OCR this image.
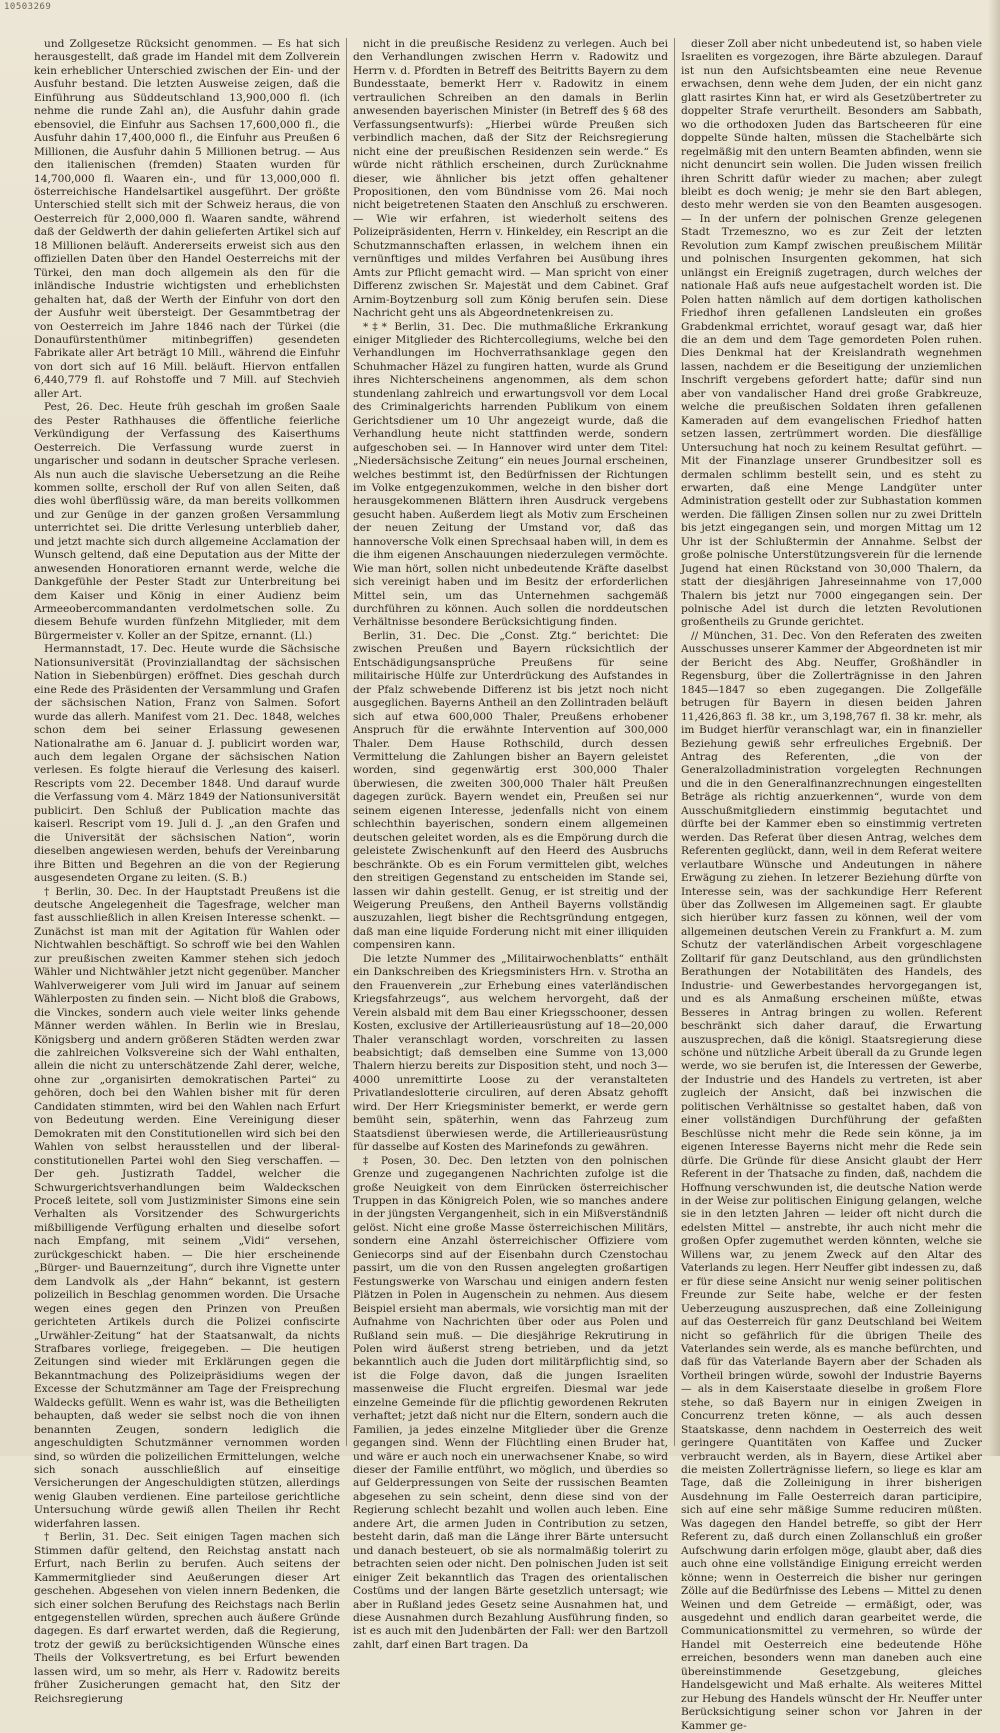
10503269

und Zollgesetze Rücksicht genommen. — Es hat sich herausgestellt, daß grade im Handel mit dem Zollverein kein erheblicher Unterschied zwischen der Ein- und der Ausfuhr bestand. Die letzten Ausweise zeigen, daß die Einführung aus Süddeutschland 13,900,000 fl. (ich nehme die runde Zahl an), die Ausfuhr dahin grade ebensoviel, die Einfuhr aus Sachsen 17,600,000 fl., die Ausfuhr dahin 17,400,000 fl., die Einfuhr aus Preußen 6 Millionen, die Ausfuhr dahin 5 Millionen betrug. — Aus den italienischen (fremden) Staaten wurden für 14,700,000 fl. Waaren ein-, und für 13,000,000 fl. österreichische Handelsartikel ausgeführt. Der größte Unterschied stellt sich mit der Schweiz heraus, die von Oesterreich für 2,000,000 fl. Waaren sandte, während daß der Geldwerth der dahin gelieferten Artikel sich auf 18 Millionen beläuft. Andererseits erweist sich aus den offiziellen Daten über den Handel Oesterreichs mit der Türkei, den man doch allgemein als den für die inländische Industrie wichtigsten und erheblichsten gehalten hat, daß der Werth der Einfuhr von dort den der Ausfuhr weit übersteigt. Der Gesammtbetrag der von Oesterreich im Jahre 1846 nach der Türkei (die Donaufürstenthümer mitinbegriffen) gesendeten Fabrikate aller Art beträgt 10 Mill., während die Einfuhr von dort sich auf 16 Mill. beläuft. Hiervon entfallen 6,440,779 fl. auf Rohstoffe und 7 Mill. auf Stechvieh aller Art.

Pest, 26. Dec. Heute früh geschah im großen Saale des Pester Rathhauses die öffentliche feierliche Verkündigung der Verfassung des Kaiserthums Oesterreich. Die Verfassung wurde zuerst in ungarischer und sodann in deutscher Sprache verlesen. Als nun auch die slavische Uebersetzung an die Reihe kommen sollte, erscholl der Ruf von allen Seiten, daß dies wohl überflüssig wäre, da man bereits vollkommen und zur Genüge in der ganzen großen Versammlung unterrichtet sei. Die dritte Verlesung unterblieb daher, und jetzt machte sich durch allgemeine Acclamation der Wunsch geltend, daß eine Deputation aus der Mitte der anwesenden Honoratioren ernannt werde, welche die Dankgefühle der Pester Stadt zur Unterbreitung bei dem Kaiser und König in einer Audienz beim Armeeobercommandanten verdolmetschen solle. Zu diesem Behufe wurden fünfzehn Mitglieder, mit dem Bürgermeister v. Koller an der Spitze, ernannt. (Ll.)

Hermannstadt, 17. Dec. Heute wurde die Sächsische Nationsuniversität (Provinziallandtag der sächsischen Nation in Siebenbürgen) eröffnet. Dies geschah durch eine Rede des Präsidenten der Versammlung und Grafen der sächsischen Nation, Franz von Salmen. Sofort wurde das allerh. Manifest vom 21. Dec. 1848, welches schon dem bei seiner Erlassung gewesenen Nationalrathe am 6. Januar d. J. publicirt worden war, auch dem legalen Organe der sächsischen Nation verlesen. Es folgte hierauf die Verlesung des kaiserl. Rescripts vom 22. December 1848. Und darauf wurde die Verfassung vom 4. März 1849 der Nationsuniversität publicirt. Den Schluß der Publication machte das kaiserl. Rescript vom 19. Juli d. J. „an den Grafen und die Universität der sächsischen Nation“, worin dieselben angewiesen werden, behufs der Vereinbarung ihre Bitten und Begehren an die von der Regierung ausgesendeten Organe zu leiten. (S. B.)

† Berlin, 30. Dec. In der Hauptstadt Preußens ist die deutsche Angelegenheit die Tagesfrage, welcher man fast ausschließlich in allen Kreisen Interesse schenkt. — Zunächst ist man mit der Agitation für Wahlen oder Nichtwahlen beschäftigt. So schroff wie bei den Wahlen zur preußischen zweiten Kammer stehen sich jedoch Wähler und Nichtwähler jetzt nicht gegenüber. Mancher Wahlverweigerer vom Juli wird im Januar auf seinem Wählerposten zu finden sein. — Nicht bloß die Grabows, die Vinckes, sondern auch viele weiter links gehende Männer werden wählen. In Berlin wie in Breslau, Königsberg und andern größeren Städten werden zwar die zahlreichen Volksvereine sich der Wahl enthalten, allein die nicht zu unterschätzende Zahl derer, welche, ohne zur „organisirten demokratischen Partei“ zu gehören, doch bei den Wahlen bisher mit für deren Candidaten stimmten, wird bei den Wahlen nach Erfurt von Bedeutung werden. Eine Vereinigung dieser Demokraten mit den Constitutionellen wird sich bei den Wahlen von selbst herausstellen und der liberal-constitutionellen Partei wohl den Sieg verschaffen. — Der geh. Justizrath Taddel, welcher die Schwurgerichtsverhandlungen beim Waldeckschen Proceß leitete, soll vom Justizminister Simons eine sein Verhalten als Vorsitzender des Schwurgerichts mißbilligende Verfügung erhalten und dieselbe sofort nach Empfang, mit seinem „Vidi“ versehen, zurückgeschickt haben. — Die hier erscheinende „Bürger- und Bauernzeitung“, durch ihre Vignette unter dem Landvolk als „der Hahn“ bekannt, ist gestern polizeilich in Beschlag genommen worden. Die Ursache wegen eines gegen den Prinzen von Preußen gerichteten Artikels durch die Polizei confiscirte „Urwähler-Zeitung“ hat der Staatsanwalt, da nichts Strafbares vorliege, freigegeben. — Die heutigen Zeitungen sind wieder mit Erklärungen gegen die Bekanntmachung des Polizeipräsidiums wegen der Excesse der Schutzmänner am Tage der Freisprechung Waldecks gefüllt. Wenn es wahr ist, was die Betheiligten behaupten, daß weder sie selbst noch die von ihnen benannten Zeugen, sondern lediglich die angeschuldigten Schutzmänner vernommen worden sind, so würden die polizeilichen Ermittelungen, welche sich sonach ausschließlich auf einseitige Versicherungen der Angeschuldigten stützen, allerdings wenig Glauben verdienen. Eine parteilose gerichtliche Untersuchung würde gewiß allen Theilen ihr Recht widerfahren lassen.

† Berlin, 31. Dec. Seit einigen Tagen machen sich Stimmen dafür geltend, den Reichstag anstatt nach Erfurt, nach Berlin zu berufen. Auch seitens der Kammermitglieder sind Aeußerungen dieser Art geschehen. Abgesehen von vielen innern Bedenken, die sich einer solchen Berufung des Reichstags nach Berlin entgegenstellen würden, sprechen auch äußere Gründe dagegen. Es darf erwartet werden, daß die Regierung, trotz der gewiß zu berücksichtigenden Wünsche eines Theils der Volksvertretung, es bei Erfurt bewenden lassen wird, um so mehr, als Herr v. Radowitz bereits früher Zusicherungen gemacht hat, den Sitz der Reichsregierung

nicht in die preußische Residenz zu verlegen. Auch bei den Verhandlungen zwischen Herrn v. Radowitz und Herrn v. d. Pfordten in Betreff des Beitritts Bayern zu dem Bundesstaate, bemerkt Herr v. Radowitz in einem vertraulichen Schreiben an den damals in Berlin anwesenden bayerischen Minister (in Betreff des § 68 des Verfassungsentwurfs): „Hierbei würde Preußen sich verbindlich machen, daß der Sitz der Reichsregierung nicht eine der preußischen Residenzen sein werde.“ Es würde nicht räthlich erscheinen, durch Zurücknahme dieser, wie ähnlicher bis jetzt offen gehaltener Propositionen, den vom Bündnisse vom 26. Mai noch nicht beigetretenen Staaten den Anschluß zu erschweren. — Wie wir erfahren, ist wiederholt seitens des Polizeipräsidenten, Herrn v. Hinkeldey, ein Rescript an die Schutzmannschaften erlassen, in welchem ihnen ein vernünftiges und mildes Verfahren bei Ausübung ihres Amts zur Pflicht gemacht wird. — Man spricht von einer Differenz zwischen Sr. Majestät und dem Cabinet. Graf Arnim-Boytzenburg soll zum König berufen sein. Diese Nachricht geht uns als Abgeordnetenkreisen zu.

*‡* Berlin, 31. Dec. Die muthmaßliche Erkrankung einiger Mitglieder des Richtercollegiums, welche bei den Verhandlungen im Hochverrathsanklage gegen den Schuhmacher Häzel zu fungiren hatten, wurde als Grund ihres Nichterscheinens angenommen, als dem schon stundenlang zahlreich und erwartungsvoll vor dem Local des Criminalgerichts harrenden Publikum von einem Gerichtsdiener um 10 Uhr angezeigt wurde, daß die Verhandlung heute nicht stattfinden werde, sondern aufgeschoben sei. — In Hannover wird unter dem Titel: „Niedersächsische Zeitung“ ein neues Journal erscheinen, welches bestimmt ist, den Bedürfnissen der Richtungen im Volke entgegenzukommen, welche in den bisher dort herausgekommenen Blättern ihren Ausdruck vergebens gesucht haben. Außerdem liegt als Motiv zum Erscheinen der neuen Zeitung der Umstand vor, daß das hannoversche Volk einen Sprechsaal haben will, in dem es die ihm eigenen Anschauungen niederzulegen vermöchte. Wie man hört, sollen nicht unbedeutende Kräfte daselbst sich vereinigt haben und im Besitz der erforderlichen Mittel sein, um das Unternehmen sachgemäß durchführen zu können. Auch sollen die norddeutschen Verhältnisse besondere Berücksichtigung finden.

Berlin, 31. Dec. Die „Const. Ztg.“ berichtet: Die zwischen Preußen und Bayern rücksichtlich der Entschädigungsansprüche Preußens für seine militairische Hülfe zur Unterdrückung des Aufstandes in der Pfalz schwebende Differenz ist bis jetzt noch nicht ausgeglichen. Bayerns Antheil an den Zollintraden beläuft sich auf etwa 600,000 Thaler, Preußens erhobener Anspruch für die erwähnte Intervention auf 300,000 Thaler. Dem Hause Rothschild, durch dessen Vermittelung die Zahlungen bisher an Bayern geleistet worden, sind gegenwärtig erst 300,000 Thaler überwiesen, die zweiten 300,000 Thaler hält Preußen dagegen zurück. Bayern wendet ein, Preußen sei nur seinem eigenen Interesse, jedenfalls nicht von einem schlechthin bayerischen, sondern einem allgemeinen deutschen geleitet worden, als es die Empörung durch die geleistete Zwischenkunft auf den Heerd des Ausbruchs beschränkte. Ob es ein Forum vermittelen gibt, welches den streitigen Gegenstand zu entscheiden im Stande sei, lassen wir dahin gestellt. Genug, er ist streitig und der Weigerung Preußens, den Antheil Bayerns vollständig auszuzahlen, liegt bisher die Rechtsgründung entgegen, daß man eine liquide Forderung nicht mit einer illiquiden compensiren kann.

Die letzte Nummer des „Militairwochenblatts“ enthält ein Dankschreiben des Kriegsministers Hrn. v. Strotha an den Frauenverein „zur Erhebung eines vaterländischen Kriegsfahrzeugs“, aus welchem hervorgeht, daß der Verein alsbald mit dem Bau einer Kriegsschooner, dessen Kosten, exclusive der Artillerieausrüstung auf 18—20,000 Thaler veranschlagt worden, vorschreiten zu lassen beabsichtigt; daß demselben eine Summe von 13,000 Thalern hierzu bereits zur Disposition steht, und noch 3—4000 unremittirte Loose zu der veranstalteten Privatlandeslotterie circuliren, auf deren Absatz gehofft wird. Der Herr Kriegsminister bemerkt, er werde gern bemüht sein, späterhin, wenn das Fahrzeug zum Staatsdienst überwiesen werde, die Artillerieausrüstung für dasselbe auf Kosten des Marinefonds zu gewähren.

‡ Posen, 30. Dec. Den letzten von den polnischen Grenze und zugegangenen Nachrichten zufolge ist die große Neuigkeit von dem Einrücken österreichischer Truppen in das Königreich Polen, wie so manches andere in der jüngsten Vergangenheit, sich in ein Mißverständniß gelöst. Nicht eine große Masse österreichischen Militärs, sondern eine Anzahl österreichischer Offiziere vom Geniecorps sind auf der Eisenbahn durch Czenstochau passirt, um die von den Russen angelegten großartigen Festungswerke von Warschau und einigen andern festen Plätzen in Polen in Augenschein zu nehmen. Aus diesem Beispiel ersieht man abermals, wie vorsichtig man mit der Aufnahme von Nachrichten über oder aus Polen und Rußland sein muß. — Die diesjährige Rekrutirung in Polen wird äußerst streng betrieben, und da jetzt bekanntlich auch die Juden dort militärpflichtig sind, so ist die Folge davon, daß die jungen Israeliten massenweise die Flucht ergreifen. Diesmal war jede einzelne Gemeinde für die pflichtig gewordenen Rekruten verhaftet; jetzt daß nicht nur die Eltern, sondern auch die Familien, ja jedes einzelne Mitglieder über die Grenze gegangen sind. Wenn der Flüchtling einen Bruder hat, und wäre er auch noch ein unerwachsener Knabe, so wird dieser der Familie entführt, wo möglich, und überdies so auf Gelderpressungen von Seite der russischen Beamten abgesehen zu sein scheint, denn diese sind von der Regierung schlecht bezahlt und wollen auch leben. Eine andere Art, die armen Juden in Contribution zu setzen, besteht darin, daß man die Länge ihrer Bärte untersucht und danach besteuert, ob sie als normalmäßig tolerirt zu betrachten seien oder nicht. Den polnischen Juden ist seit einiger Zeit bekanntlich das Tragen des orientalischen Costüms und der langen Bärte gesetzlich untersagt; wie aber in Rußland jedes Gesetz seine Ausnahmen hat, und diese Ausnahmen durch Bezahlung Ausführung finden, so ist es auch mit den Judenbärten der Fall: wer den Bartzoll zahlt, darf einen Bart tragen. Da

dieser Zoll aber nicht unbedeutend ist, so haben viele Israeliten es vorgezogen, ihre Bärte abzulegen. Darauf ist nun den Aufsichtsbeamten eine neue Revenue erwachsen, denn wehe dem Juden, der ein nicht ganz glatt rasirtes Kinn hat, er wird als Gesetzübertreter zu doppelter Strafe verurtheilt. Besonders am Sabbath, wo die orthodoxen Juden das Bartscheeren für eine doppelte Sünde halten, müssen die Stachelbärte sich regelmäßig mit den untern Beamten abfinden, wenn sie nicht denuncirt sein wollen. Die Juden wissen freilich ihren Schritt dafür wieder zu machen; aber zulegt bleibt es doch wenig; je mehr sie den Bart ablegen, desto mehr werden sie von den Beamten ausgesogen. — In der unfern der polnischen Grenze gelegenen Stadt Trzemeszno, wo es zur Zeit der letzten Revolution zum Kampf zwischen preußischem Militär und polnischen Insurgenten gekommen, hat sich unlängst ein Ereigniß zugetragen, durch welches der nationale Haß aufs neue aufgestachelt worden ist. Die Polen hatten nämlich auf dem dortigen katholischen Friedhof ihren gefallenen Landsleuten ein großes Grabdenkmal errichtet, worauf gesagt war, daß hier die an dem und dem Tage gemordeten Polen ruhen. Dies Denkmal hat der Kreislandrath wegnehmen lassen, nachdem er die Beseitigung der unziemlichen Inschrift vergebens gefordert hatte; dafür sind nun aber von vandalischer Hand drei große Grabkreuze, welche die preußischen Soldaten ihren gefallenen Kameraden auf dem evangelischen Friedhof hatten setzen lassen, zertrümmert worden. Die diesfällige Untersuchung hat noch zu keinem Resultat geführt. — Mit der Finanzlage unserer Grundbesitzer soll es dermalen schlimm bestellt sein, und es steht zu erwarten, daß eine Menge Landgüter unter Administration gestellt oder zur Subhastation kommen werden. Die fälligen Zinsen sollen nur zu zwei Dritteln bis jetzt eingegangen sein, und morgen Mittag um 12 Uhr ist der Schlußtermin der Annahme. Selbst der große polnische Unterstützungsverein für die lernende Jugend hat einen Rückstand von 30,000 Thalern, da statt der diesjährigen Jahreseinnahme von 17,000 Thalern bis jetzt nur 7000 eingegangen sein. Der polnische Adel ist durch die letzten Revolutionen großentheils zu Grunde gerichtet.

// München, 31. Dec. Von den Referaten des zweiten Ausschusses unserer Kammer der Abgeordneten ist mir der Bericht des Abg. Neuffer, Großhändler in Regensburg, über die Zollerträgnisse in den Jahren 1845—1847 so eben zugegangen. Die Zollgefälle betrugen für Bayern in diesen beiden Jahren 11,426,863 fl. 38 kr., um 3,198,767 fl. 38 kr. mehr, als im Budget hierfür veranschlagt war, ein in finanzieller Beziehung gewiß sehr erfreuliches Ergebniß. Der Antrag des Referenten, „die von der Generalzolladministration vorgelegten Rechnungen und die in den Generalfinanzrechnungen eingestellten Beträge als richtig anzuerkennen“, wurde von dem Ausschußmitgliedern einstimmig begutachtet und dürfte bei der Kammer eben so einstimmig vertreten werden. Das Referat über diesen Antrag, welches dem Referenten geglückt, dann, weil in dem Referat weitere verlautbare Wünsche und Andeutungen in nähere Erwägung zu ziehen. In letzerer Beziehung dürfte von Interesse sein, was der sachkundige Herr Referent über das Zollwesen im Allgemeinen sagt. Er glaubte sich hierüber kurz fassen zu können, weil der vom allgemeinen deutschen Verein zu Frankfurt a. M. zum Schutz der vaterländischen Arbeit vorgeschlagene Zolltarif für ganz Deutschland, aus den gründlichsten Berathungen der Notabilitäten des Handels, des Industrie- und Gewerbestandes hervorgegangen ist, und es als Anmaßung erscheinen müßte, etwas Besseres in Antrag bringen zu wollen. Referent beschränkt sich daher darauf, die Erwartung auszusprechen, daß die königl. Staatsregierung diese schöne und nützliche Arbeit überall da zu Grunde legen werde, wo sie berufen ist, die Interessen der Gewerbe, der Industrie und des Handels zu vertreten, ist aber zugleich der Ansicht, daß bei inzwischen die politischen Verhältnisse so gestaltet haben, daß von einer vollständigen Durchführung der gefaßten Beschlüsse nicht mehr die Rede sein könne, ja im eigenen Interesse Bayerns nicht mehr die Rede sein dürfe. Die Gründe für diese Ansicht glaubt der Herr Referent in der Thatsache zu finden, daß, nachdem die Hoffnung verschwunden ist, die deutsche Nation werde in der Weise zur politischen Einigung gelangen, welche sie in den letzten Jahren — leider oft nicht durch die edelsten Mittel — anstrebte, ihr auch nicht mehr die großen Opfer zugemuthet werden könnten, welche sie Willens war, zu jenem Zweck auf den Altar des Vaterlands zu legen. Herr Neuffer gibt indessen zu, daß er für diese seine Ansicht nur wenig seiner politischen Freunde zur Seite habe, welche er der festen Ueberzeugung auszusprechen, daß eine Zolleinigung auf das Oesterreich für ganz Deutschland bei Weitem nicht so gefährlich für die übrigen Theile des Vaterlandes sein werde, als es manche befürchten, und daß für das Vaterlande Bayern aber der Schaden als Vortheil bringen würde, sowohl der Industrie Bayerns — als in dem Kaiserstaate dieselbe in großem Flore stehe, so daß Bayern nur in einigen Zweigen in Concurrenz treten könne, — als auch dessen Staatskasse, denn nachdem in Oesterreich des weit geringere Quantitäten von Kaffee und Zucker verbraucht werden, als in Bayern, diese Artikel aber die meisten Zollerträgnisse liefern, so liege es klar am Tage, daß die Zolleinigung in ihrer bisherigen Ausdehnung im Falle Oesterreich daran participire, sich auf eine sehr mäßige Summe reduciren müßten. Was dagegen den Handel betreffe, so gibt der Herr Referent zu, daß durch einen Zollanschluß ein großer Aufschwung darin erfolgen möge, glaubt aber, daß dies auch ohne eine vollständige Einigung erreicht werden könne; wenn in Oesterreich die bisher nur geringen Zölle auf die Bedürfnisse des Lebens — Mittel zu denen Weinen und dem Getreide — ermäßigt, oder, was ausgedehnt und endlich daran gearbeitet werde, die Communicationsmittel zu vermehren, so würde der Handel mit Oesterreich eine bedeutende Höhe erreichen, besonders wenn man daneben auch eine übereinstimmende Gesetzgebung, gleiches Handelsgewicht und Maß erhalte. Als weiteres Mittel zur Hebung des Handels wünscht der Hr. Neuffer unter Berücksichtigung seiner schon vor Jahren in der Kammer ge-
